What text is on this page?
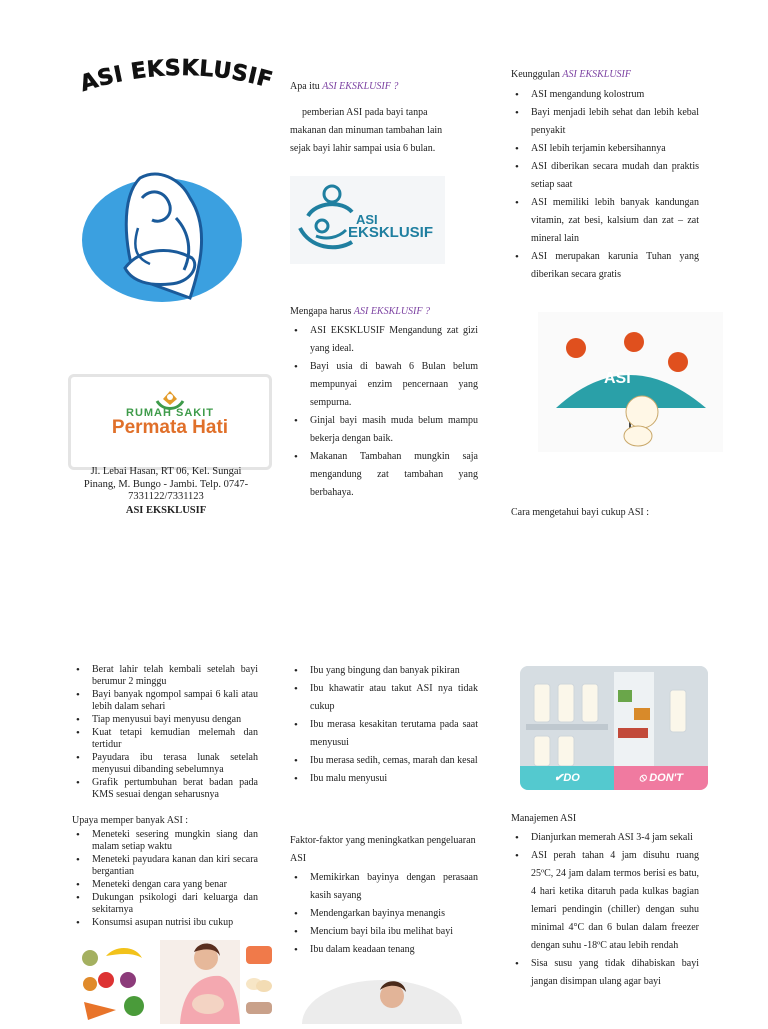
ASI EKSKLUSIF
RUMAH SAKIT
Permata Hati
Jl. Lebai Hasan, RT 06, Kel. Sungai Pinang, M. Bungo - Jambi. Telp. 0747-7331122/7331123
ASI EKSKLUSIF
Apa itu ASI EKSKLUSIF ?
pemberian ASI pada bayi tanpa makanan dan minuman tambahan lain sejak bayi lahir sampai usia 6 bulan.
ASI
EKSKLUSIF
Mengapa harus ASI EKSKLUSIF ?
• ASI EKSKLUSIF Mengandung zat gizi yang ideal.
• Bayi usia di bawah 6 Bulan belum mempunyai enzim pencernaan yang sempurna.
• Ginjal bayi masih muda belum mampu bekerja dengan baik.
• Makanan Tambahan mungkin saja mengandung zat tambahan yang berbahaya.
Keunggulan ASI EKSKLUSIF
• ASI mengandung kolostrum
• Bayi menjadi lebih sehat dan lebih kebal penyakit
• ASI lebih terjamin kebersihannya
• ASI diberikan secara mudah dan praktis setiap saat
• ASI memiliki lebih banyak kandungan vitamin, zat besi, kalsium dan zat – zat mineral lain
• ASI merupakan karunia Tuhan yang diberikan secara gratis
ASI
Cara mengetahui bayi cukup ASI :
• Berat lahir telah kembali setelah bayi berumur 2 minggu
• Bayi banyak ngompol sampai 6 kali atau lebih dalam sehari
• Tiap menyusui bayi menyusu dengan
• Kuat tetapi kemudian melemah dan tertidur
• Payudara ibu terasa lunak setelah menyusui dibanding sebelumnya
• Grafik pertumbuhan berat badan pada KMS sesuai dengan seharusnya
Upaya memper banyak ASI :
• Meneteki sesering mungkin siang dan malam setiap waktu
• Meneteki payudara kanan dan kiri secara bergantian
• Meneteki dengan cara yang benar
• Dukungan psikologi dari keluarga dan sekitarnya
• Konsumsi asupan nutrisi ibu cukup
• Ibu yang bingung dan banyak pikiran
• Ibu khawatir atau takut ASI nya tidak cukup
• Ibu merasa kesakitan terutama pada saat menyusui
• Ibu merasa sedih, cemas, marah dan kesal
• Ibu malu menyusui
Faktor-faktor yang meningkatkan pengeluaran ASI
• Memikirkan bayinya dengan perasaan kasih sayang
• Mendengarkan bayinya menangis
• Mencium bayi bila ibu melihat bayi
• Ibu dalam keadaan tenang
✔DO	⦸ DON'T
Manajemen ASI
• Dianjurkan memerah ASI 3-4 jam sekali
• ASI perah tahan 4 jam disuhu ruang 25ºC, 24 jam dalam termos berisi es batu, 4 hari ketika ditaruh pada kulkas bagian lemari pendingin (chiller) dengan suhu minimal 4°C dan 6 bulan dalam freezer dengan suhu -18ºC atau lebih rendah
• Sisa susu yang tidak dihabiskan bayi jangan disimpan ulang agar bayi
